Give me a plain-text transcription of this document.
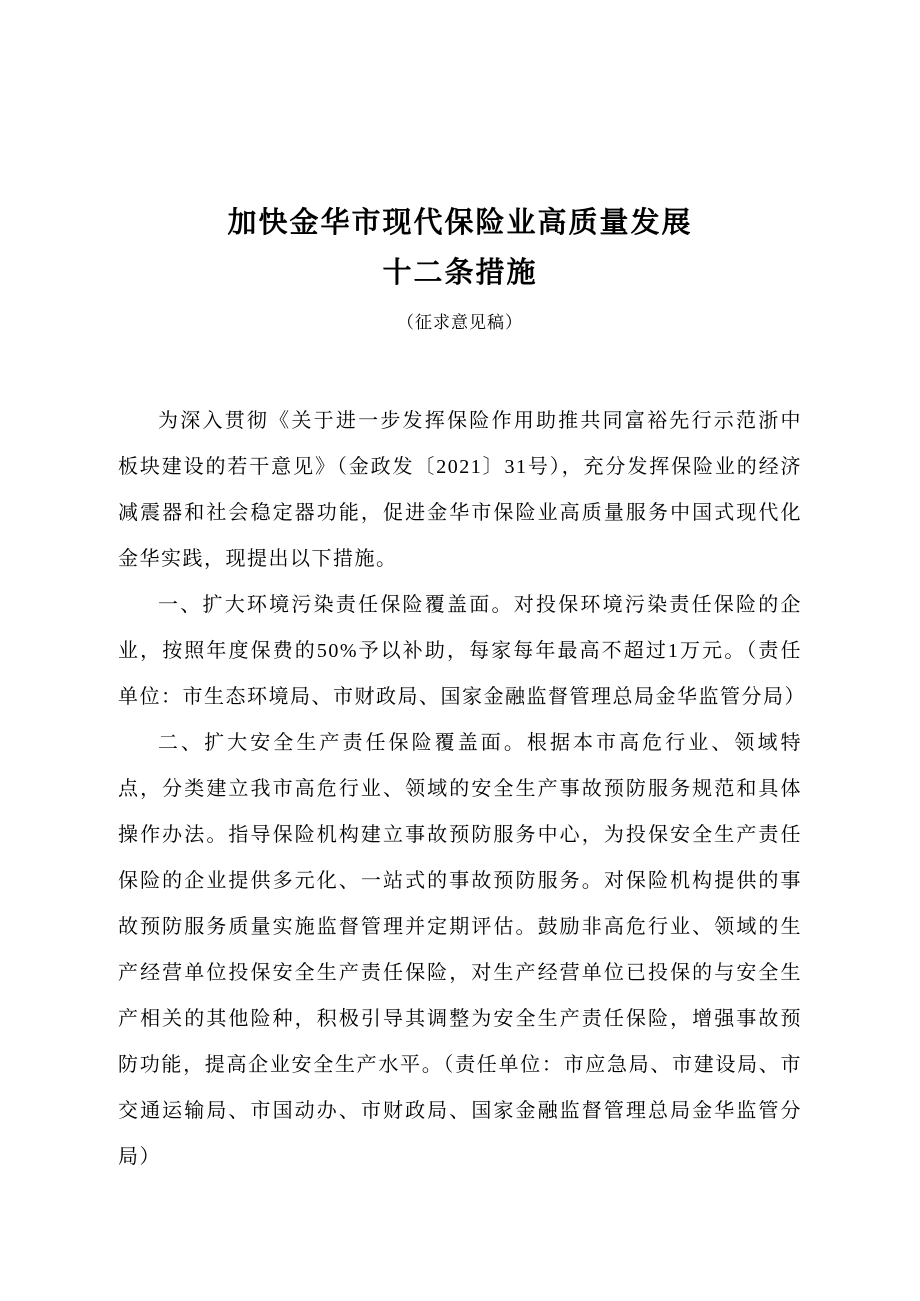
加快金华市现代保险业高质量发展
十二条措施
（征求意见稿）

为深入贯彻《关于进一步发挥保险作用助推共同富裕先行示范浙中板块建设的若干意见》（金政发〔2021〕31号），充分发挥保险业的经济减震器和社会稳定器功能，促进金华市保险业高质量服务中国式现代化金华实践，现提出以下措施。

一、扩大环境污染责任保险覆盖面。对投保环境污染责任保险的企业，按照年度保费的50%予以补助，每家每年最高不超过1万元。（责任单位：市生态环境局、市财政局、国家金融监督管理总局金华监管分局）

二、扩大安全生产责任保险覆盖面。根据本市高危行业、领域特点，分类建立我市高危行业、领域的安全生产事故预防服务规范和具体操作办法。指导保险机构建立事故预防服务中心，为投保安全生产责任保险的企业提供多元化、一站式的事故预防服务。对保险机构提供的事故预防服务质量实施监督管理并定期评估。鼓励非高危行业、领域的生产经营单位投保安全生产责任保险，对生产经营单位已投保的与安全生产相关的其他险种，积极引导其调整为安全生产责任保险，增强事故预防功能，提高企业安全生产水平。（责任单位：市应急局、市建设局、市交通运输局、市国动办、市财政局、国家金融监督管理总局金华监管分局）
